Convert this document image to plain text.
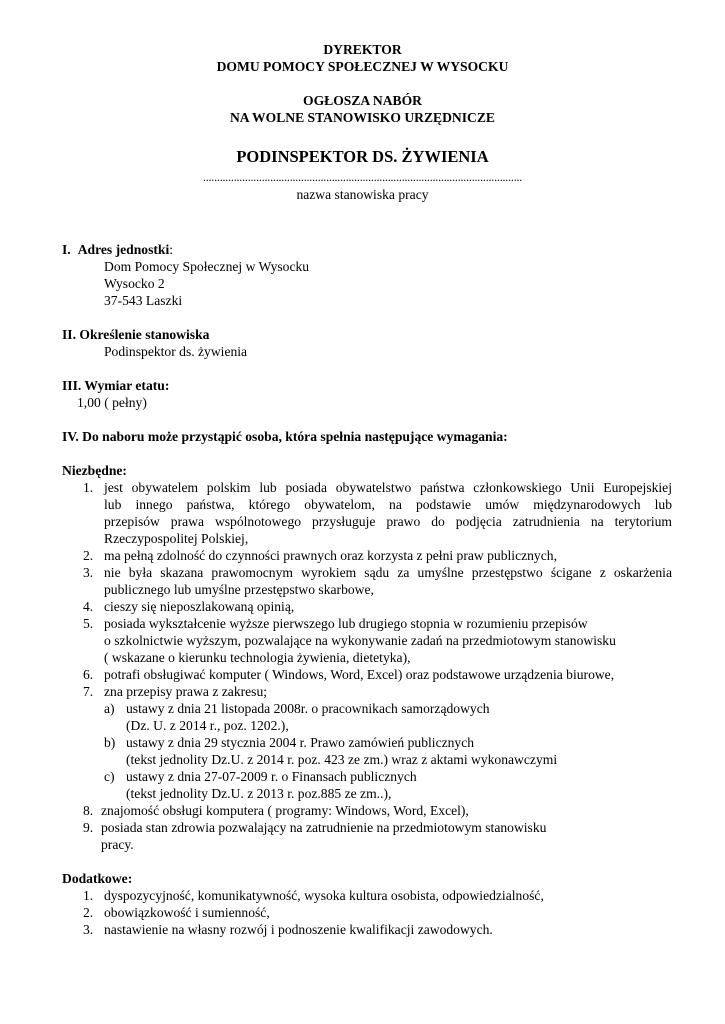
DYREKTOR
DOMU POMOCY SPOŁECZNEJ W WYSOCKU
OGŁOSZA NABÓR
NA WOLNE STANOWISKO URZĘDNICZE
PODINSPEKTOR DS. ŻYWIENIA
..................................................................................................................
nazwa stanowiska pracy
I. Adres jednostki:
Dom Pomocy Społecznej w Wysocku
Wysocko 2
37-543 Laszki
II. Określenie stanowiska
Podinspektor ds. żywienia
III. Wymiar etatu:
1,00 ( pełny)
IV. Do naboru może przystąpić osoba, która spełnia następujące wymagania:
Niezbędne:
1. jest obywatelem polskim lub posiada obywatelstwo państwa członkowskiego Unii Europejskiej
lub innego państwa, którego obywatelom, na podstawie umów międzynarodowych lub
przepisów prawa wspólnotowego przysługuje prawo do podjęcia zatrudnienia na terytorium
Rzeczypospolitej Polskiej,
2. ma pełną zdolność do czynności prawnych oraz korzysta z pełni praw publicznych,
3. nie była skazana prawomocnym wyrokiem sądu za umyślne przestępstwo ścigane z oskarżenia
publicznego lub umyślne przestępstwo skarbowe,
4. cieszy się nieposzlakowaną opinią,
5. posiada wykształcenie wyższe pierwszego lub drugiego stopnia w rozumieniu przepisów
o szkolnictwie wyższym, pozwalające na wykonywanie zadań na przedmiotowym stanowisku
( wskazane o kierunku technologia żywienia, dietetyka),
6. potrafi obsługiwać komputer ( Windows, Word, Excel) oraz podstawowe urządzenia biurowe,
7. zna przepisy prawa z zakresu;
a) ustawy z dnia 21 listopada 2008r. o pracownikach samorządowych
(Dz. U. z 2014 r., poz. 1202.),
b) ustawy z dnia 29 stycznia 2004 r. Prawo zamówień publicznych
(tekst jednolity Dz.U. z 2014 r. poz. 423 ze zm.) wraz z aktami wykonawczymi
c) ustawy z dnia 27-07-2009 r. o Finansach publicznych
(tekst jednolity Dz.U. z 2013 r. poz.885 ze zm..),
8. znajomość obsługi komputera ( programy: Windows, Word, Excel),
9. posiada stan zdrowia pozwalający na zatrudnienie na przedmiotowym stanowisku
pracy.
Dodatkowe:
1. dyspozycyjność, komunikatywność, wysoka kultura osobista, odpowiedzialność,
2. obowiązkowość i sumienność,
3. nastawienie na własny rozwój i podnoszenie kwalifikacji zawodowych.
